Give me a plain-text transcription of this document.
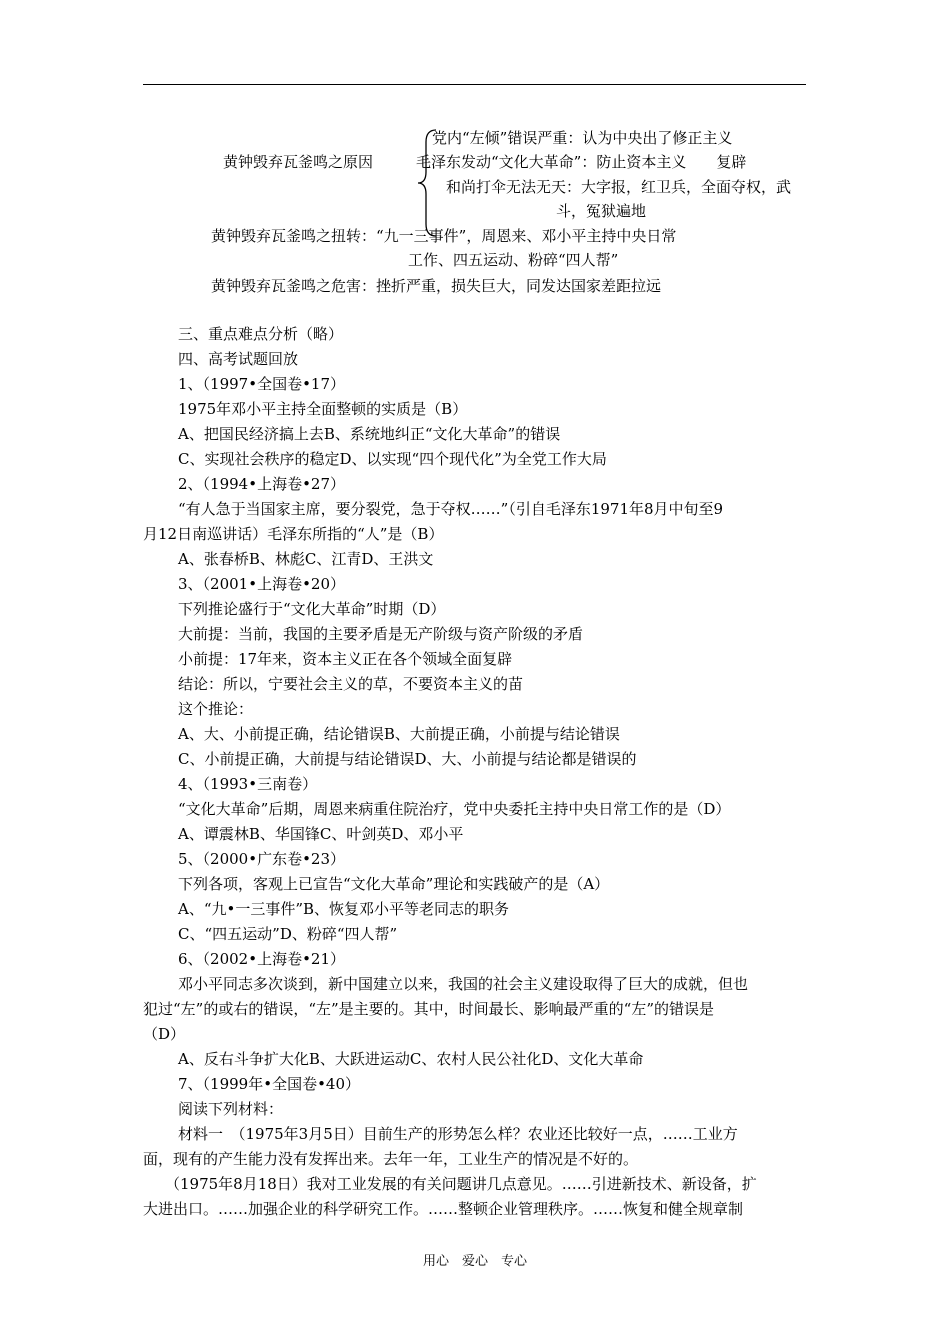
黄钟毁弃瓦釜鸣之原因
党内“左倾”错误严重：认为中央出了修正主义
毛泽东发动“文化大革命”：防止资本主义　　复辟
和尚打伞无法无天：大字报，红卫兵，全面夺权，武
斗，冤狱遍地
黄钟毁弃瓦釜鸣之扭转：“九一三事件”，周恩来、邓小平主持中央日常
工作、四五运动、粉碎“四人帮”
黄钟毁弃瓦釜鸣之危害：挫折严重，损失巨大，同发达国家差距拉远
三、重点难点分析（略）
四、高考试题回放
1、（1997•全国卷•17）
1975年邓小平主持全面整顿的实质是（B）
A、把国民经济搞上去B、系统地纠正“文化大革命”的错误
C、实现社会秩序的稳定D、以实现“四个现代化”为全党工作大局
2、（1994•上海卷•27）
“有人急于当国家主席，要分裂党，急于夺权……”（引自毛泽东1971年8月中旬至9
月12日南巡讲话）毛泽东所指的“人”是（B）
A、张春桥B、林彪C、江青D、王洪文
3、（2001•上海卷•20）
下列推论盛行于“文化大革命”时期（D）
大前提：当前，我国的主要矛盾是无产阶级与资产阶级的矛盾
小前提：17年来，资本主义正在各个领域全面复辟
结论：所以，宁要社会主义的草，不要资本主义的苗
这个推论：
A、大、小前提正确，结论错误B、大前提正确，小前提与结论错误
C、小前提正确，大前提与结论错误D、大、小前提与结论都是错误的
4、（1993•三南卷）
“文化大革命”后期，周恩来病重住院治疗，党中央委托主持中央日常工作的是（D）
A、谭震林B、华国锋C、叶剑英D、邓小平
5、（2000•广东卷•23）
下列各项，客观上已宣告“文化大革命”理论和实践破产的是（A）
A、“九•一三事件”B、恢复邓小平等老同志的职务
C、“四五运动”D、粉碎“四人帮”
6、（2002•上海卷•21）
邓小平同志多次谈到，新中国建立以来，我国的社会主义建设取得了巨大的成就，但也
犯过“左”的或右的错误，“左”是主要的。其中，时间最长、影响最严重的“左”的错误是
（D）
A、反右斗争扩大化B、大跃进运动C、农村人民公社化D、文化大革命
7、（1999年•全国卷•40）
阅读下列材料：
材料一　（1975年3月5日）目前生产的形势怎么样？农业还比较好一点，……工业方
面，现有的产生能力没有发挥出来。去年一年，工业生产的情况是不好的。
（1975年8月18日）我对工业发展的有关问题讲几点意见。……引进新技术、新设备，扩
大进出口。……加强企业的科学研究工作。……整顿企业管理秩序。……恢复和健全规章制
用心　爱心　专心
